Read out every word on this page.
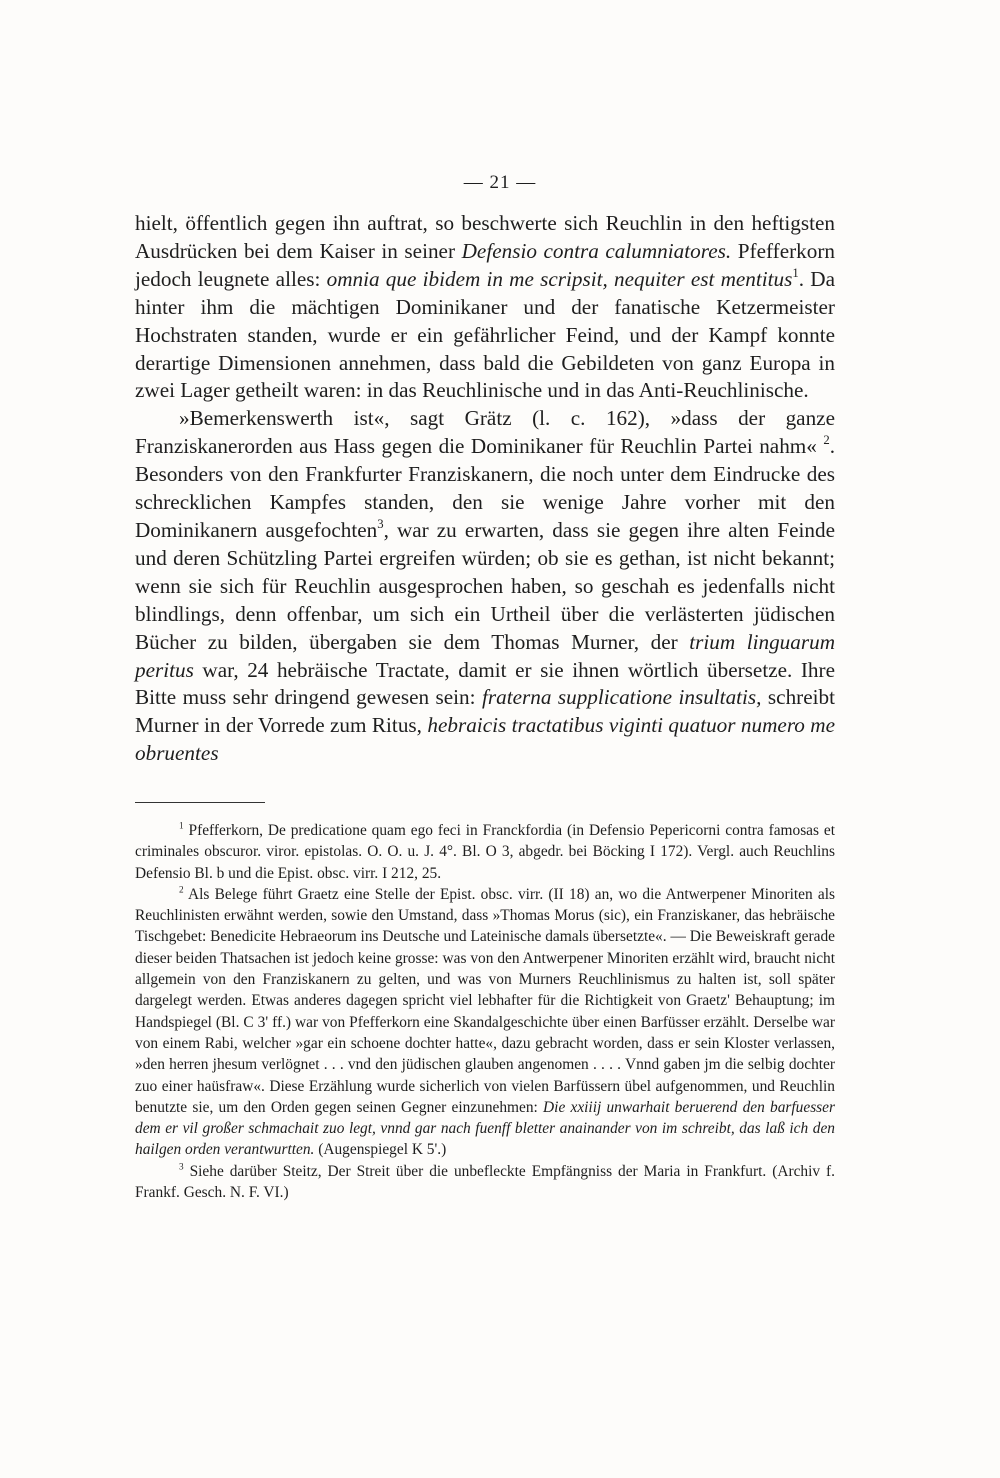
— 21 —

hielt, öffentlich gegen ihn auftrat, so beschwerte sich Reuchlin in den heftigsten Ausdrücken bei dem Kaiser in seiner Defensio contra calumniatores. Pfefferkorn jedoch leugnete alles: omnia que ibidem in me scripsit, nequiter est mentitus$^1$. Da hinter ihm die mächtigen Dominikaner und der fanatische Ketzermeister Hochstraten standen, wurde er ein gefährlicher Feind, und der Kampf konnte derartige Dimensionen annehmen, dass bald die Gebildeten von ganz Europa in zwei Lager getheilt waren: in das Reuchlinische und in das Anti-Reuchlinische.

»Bemerkenswerth ist«, sagt Grätz (l. c. 162), »dass der ganze Franziskanerorden aus Hass gegen die Dominikaner für Reuchlin Partei nahm« $^2$. Besonders von den Frankfurter Franziskanern, die noch unter dem Eindrucke des schrecklichen Kampfes standen, den sie wenige Jahre vorher mit den Dominikanern ausgefochten$^3$, war zu erwarten, dass sie gegen ihre alten Feinde und deren Schützling Partei ergreifen würden; ob sie es gethan, ist nicht bekannt; wenn sie sich für Reuchlin ausgesprochen haben, so geschah es jedenfalls nicht blindlings, denn offenbar, um sich ein Urtheil über die verlästerten jüdischen Bücher zu bilden, übergaben sie dem Thomas Murner, der trium linguarum peritus war, 24 hebräische Tractate, damit er sie ihnen wörtlich übersetze. Ihre Bitte muss sehr dringend gewesen sein: fraterna supplicatione insultatis, schreibt Murner in der Vorrede zum Ritus, hebraicis tractatibus viginti quatuor numero me obruentes

$^1$ Pfefferkorn, De predicatione quam ego feci in Franckfordia (in Defensio Pepericorni contra famosas et criminales obscuror. viror. epistolas. O. O. u. J. 4°. Bl. O 3, abgedr. bei Böcking I 172). Vergl. auch Reuchlins Defensio Bl. b und die Epist. obsc. virr. I 212, 25.

$^2$ Als Belege führt Graetz eine Stelle der Epist. obsc. virr. (II 18) an, wo die Antwerpener Minoriten als Reuchlinisten erwähnt werden, sowie den Umstand, dass »Thomas Morus (sic), ein Franziskaner, das hebräische Tischgebet: Benedicite Hebraeorum ins Deutsche und Lateinische damals übersetzte«. — Die Beweiskraft gerade dieser beiden Thatsachen ist jedoch keine grosse: was von den Antwerpener Minoriten erzählt wird, braucht nicht allgemein von den Franziskanern zu gelten, und was von Murners Reuchlinismus zu halten ist, soll später dargelegt werden. Etwas anderes dagegen spricht viel lebhafter für die Richtigkeit von Graetz' Behauptung; im Handspiegel (Bl. C 3' ff.) war von Pfefferkorn eine Skandalgeschichte über einen Barfüsser erzählt. Derselbe war von einem Rabi, welcher »gar ein schoene dochter hatte«, dazu gebracht worden, dass er sein Kloster verlassen, »den herren jhesum verlögnet . . . vnd den jüdischen glauben angenomen . . . . Vnnd gaben jm die selbig dochter zuo einer haüsfraw«. Diese Erzählung wurde sicherlich von vielen Barfüssern übel aufgenommen, und Reuchlin benutzte sie, um den Orden gegen seinen Gegner einzunehmen: Die xxiiij unwarhait beruerend den barfuesser dem er vil großer schmachait zuo legt, vnnd gar nach fuenff bletter anainander von im schreibt, das laß ich den hailgen orden verantwurtten. (Augenspiegel K 5'.)

$^3$ Siehe darüber Steitz, Der Streit über die unbefleckte Empfängniss der Maria in Frankfurt. (Archiv f. Frankf. Gesch. N. F. VI.)
